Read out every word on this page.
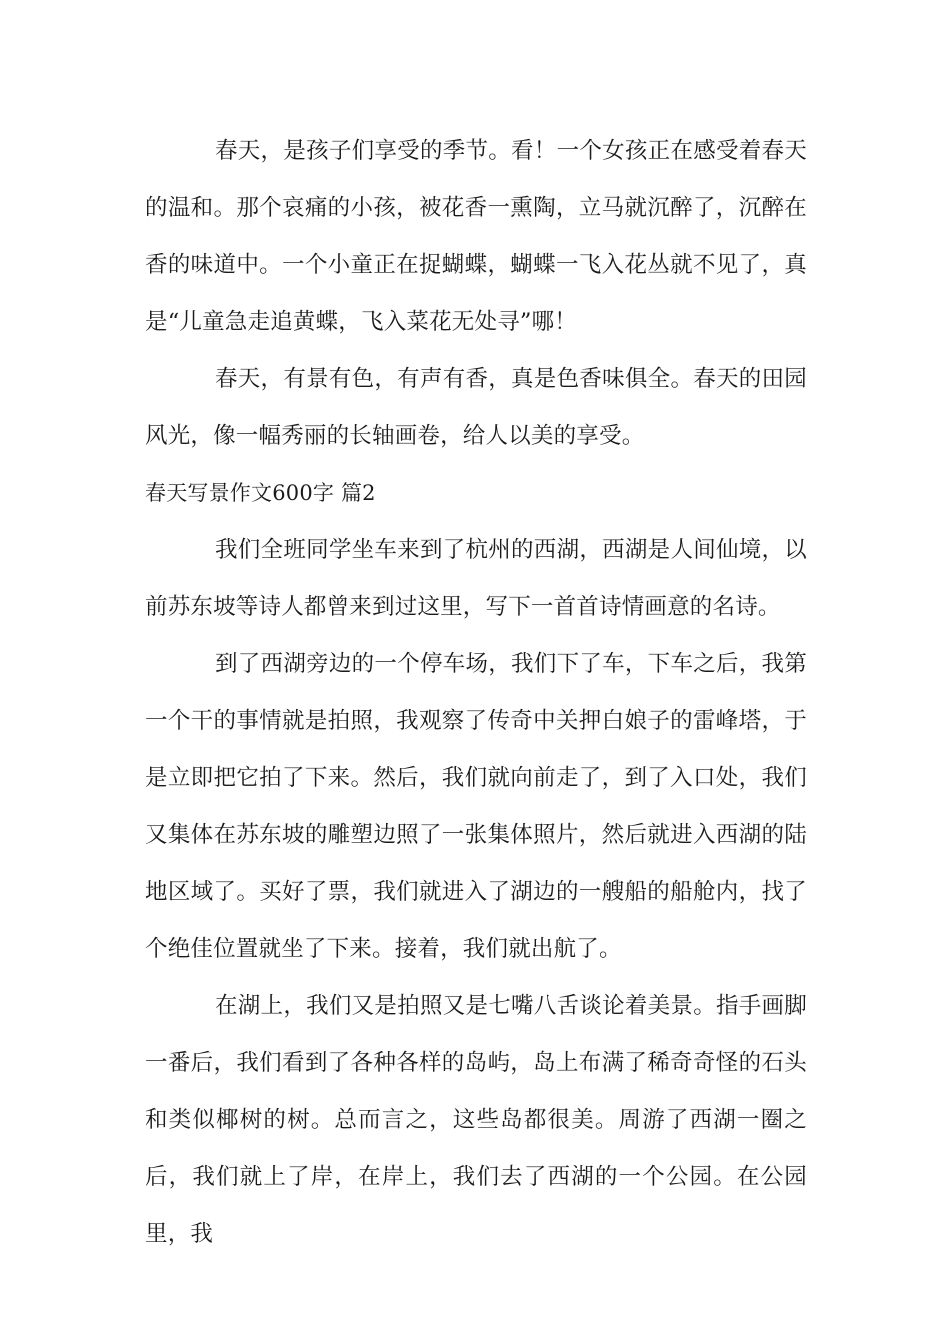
春天，是孩子们享受的季节。看！一个女孩正在感受着春天的温和。那个哀痛的小孩，被花香一熏陶，立马就沉醉了，沉醉在香的味道中。一个小童正在捉蝴蝶，蝴蝶一飞入花丛就不见了，真是“儿童急走追黄蝶，飞入菜花无处寻”哪！

春天，有景有色，有声有香，真是色香味俱全。春天的田园风光，像一幅秀丽的长轴画卷，给人以美的享受。

春天写景作文600字 篇2

我们全班同学坐车来到了杭州的西湖，西湖是人间仙境，以前苏东坡等诗人都曾来到过这里，写下一首首诗情画意的名诗。

到了西湖旁边的一个停车场，我们下了车，下车之后，我第一个干的事情就是拍照，我观察了传奇中关押白娘子的雷峰塔，于是立即把它拍了下来。然后，我们就向前走了，到了入口处，我们又集体在苏东坡的雕塑边照了一张集体照片，然后就进入西湖的陆地区域了。买好了票，我们就进入了湖边的一艘船的船舱内，找了个绝佳位置就坐了下来。接着，我们就出航了。

在湖上，我们又是拍照又是七嘴八舌谈论着美景。指手画脚一番后，我们看到了各种各样的岛屿，岛上布满了稀奇奇怪的石头和类似椰树的树。总而言之，这些岛都很美。周游了西湖一圈之后，我们就上了岸，在岸上，我们去了西湖的一个公园。在公园里，我
